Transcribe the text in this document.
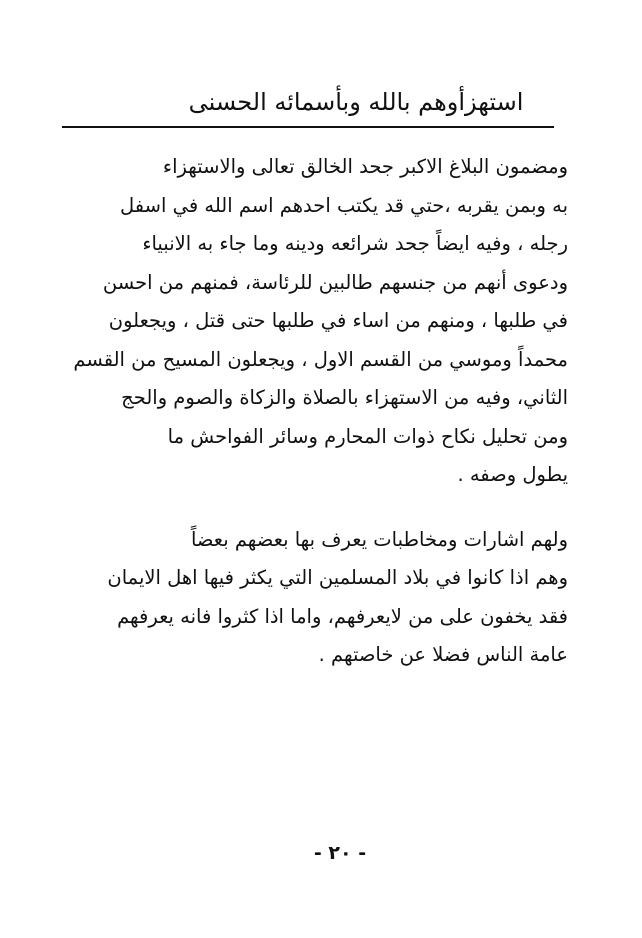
استهزأوهم بالله وبأسمائه الحسنى

ومضمون البلاغ الاكبر جحد الخالق تعالى والاستهزاء
به وبمن يقربه ،حتي قد يكتب احدهم اسم الله في اسفل
رجله ، وفيه ايضاً جحد شرائعه ودينه وما جاء به الانبياء
ودعوى أنهم من جنسهم طالبين للرئاسة، فمنهم من احسن
في طلبها ، ومنهم من اساء في طلبها حتى قتل ، ويجعلون
محمداً وموسي من القسم الاول ، ويجعلون المسيح من القسم
الثاني، وفيه من الاستهزاء بالصلاة والزكاة والصوم والحج
ومن تحليل نكاح ذوات المحارم وسائر الفواحش ما
يطول وصفه .

ولهم اشارات ومخاطبات يعرف بها بعضهم بعضاً
وهم اذا كانوا في بلاد المسلمين التي يكثر فيها اهل الايمان
فقد يخفون على من لايعرفهم، واما اذا كثروا فانه يعرفهم
عامة الناس فضلا عن خاصتهم .

- ٢٠ -
